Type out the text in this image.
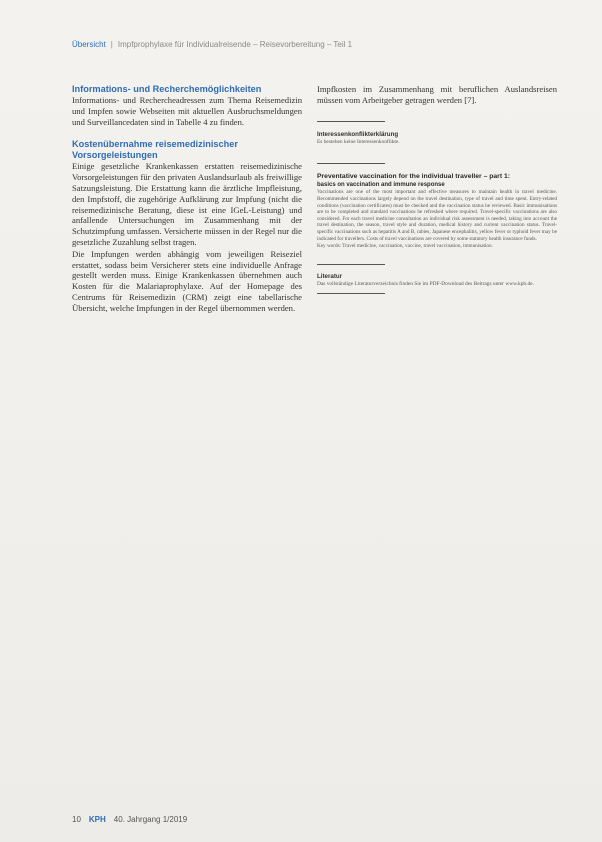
Übersicht | Impfprophylaxe für Individualreisende – Reisevorbereitung – Teil 1
Informations- und Recherchemöglichkeiten

Informations- und Rechercheadressen zum Thema Reisemedizin und Impfen sowie Webseiten mit aktuellen Ausbruchsmeldungen und Surveillancedaten sind in Tabelle 4 zu finden.

Kostenübernahme reisemedizinischer Vorsorgeleistungen

Einige gesetzliche Krankenkassen erstatten reisemedizinische Vorsorgeleistungen für den privaten Auslandsurlaub als freiwillige Satzungsleistung. Die Erstattung kann die ärztliche Impfleistung, den Impfstoff, die zugehörige Aufklärung zur Impfung (nicht die reisemedizinische Beratung, diese ist eine IGeL-Leistung) und anfallende Untersuchungen im Zusammenhang mit der Schutzimpfung umfassen. Versicherte müssen in der Regel nur die gesetzliche Zuzahlung selbst tragen.

Die Impfungen werden abhängig vom jeweiligen Reiseziel erstattet, sodass beim Versicherer stets eine individuelle Anfrage gestellt werden muss. Einige Krankenkassen übernehmen auch Kosten für die Malariaprophylaxe. Auf der Homepage des Centrums für Reisemedizin (CRM) zeigt eine tabellarische Übersicht, welche Impfungen in der Regel übernommen werden.

Impfkosten im Zusammenhang mit beruflichen Auslandsreisen müssen vom Arbeitgeber getragen werden [7].

Interessenkonflikterklärung
Es bestehen keine Interessenkonflikte.
Preventative vaccination for the individual traveller – part 1:
basics on vaccination and immune response

Vaccinations are one of the most important and effective measures to maintain health in travel medicine. Recommended vaccinations largely depend on the travel destination, type of travel and time spent. Entry-related conditions (vaccination certificates) must be checked and the vaccination status be reviewed. Basic immunisations are to be completed and standard vaccinations be refreshed where required. Travel-specific vaccinations are also considered. For each travel medicine consultation an individual risk assessment is needed, taking into account the travel destination, the season, travel style and duration, medical history and current vaccination status. Travel-specific vaccinations such as hepatitis A and B, rabies, Japanese encephalitis, yellow fever or typhoid fever may be indicated for travellers. Costs of travel vaccinations are covered by some statutory health insurance funds.

Key words: Travel medicine, vaccination, vaccine, travel vaccination, immunisation.

Literatur
Das vollständige Literaturverzeichnis finden Sie im PDF-Download des Beitrags unter www.kph.de.
10 KPH 40. Jahrgang 1/2019
